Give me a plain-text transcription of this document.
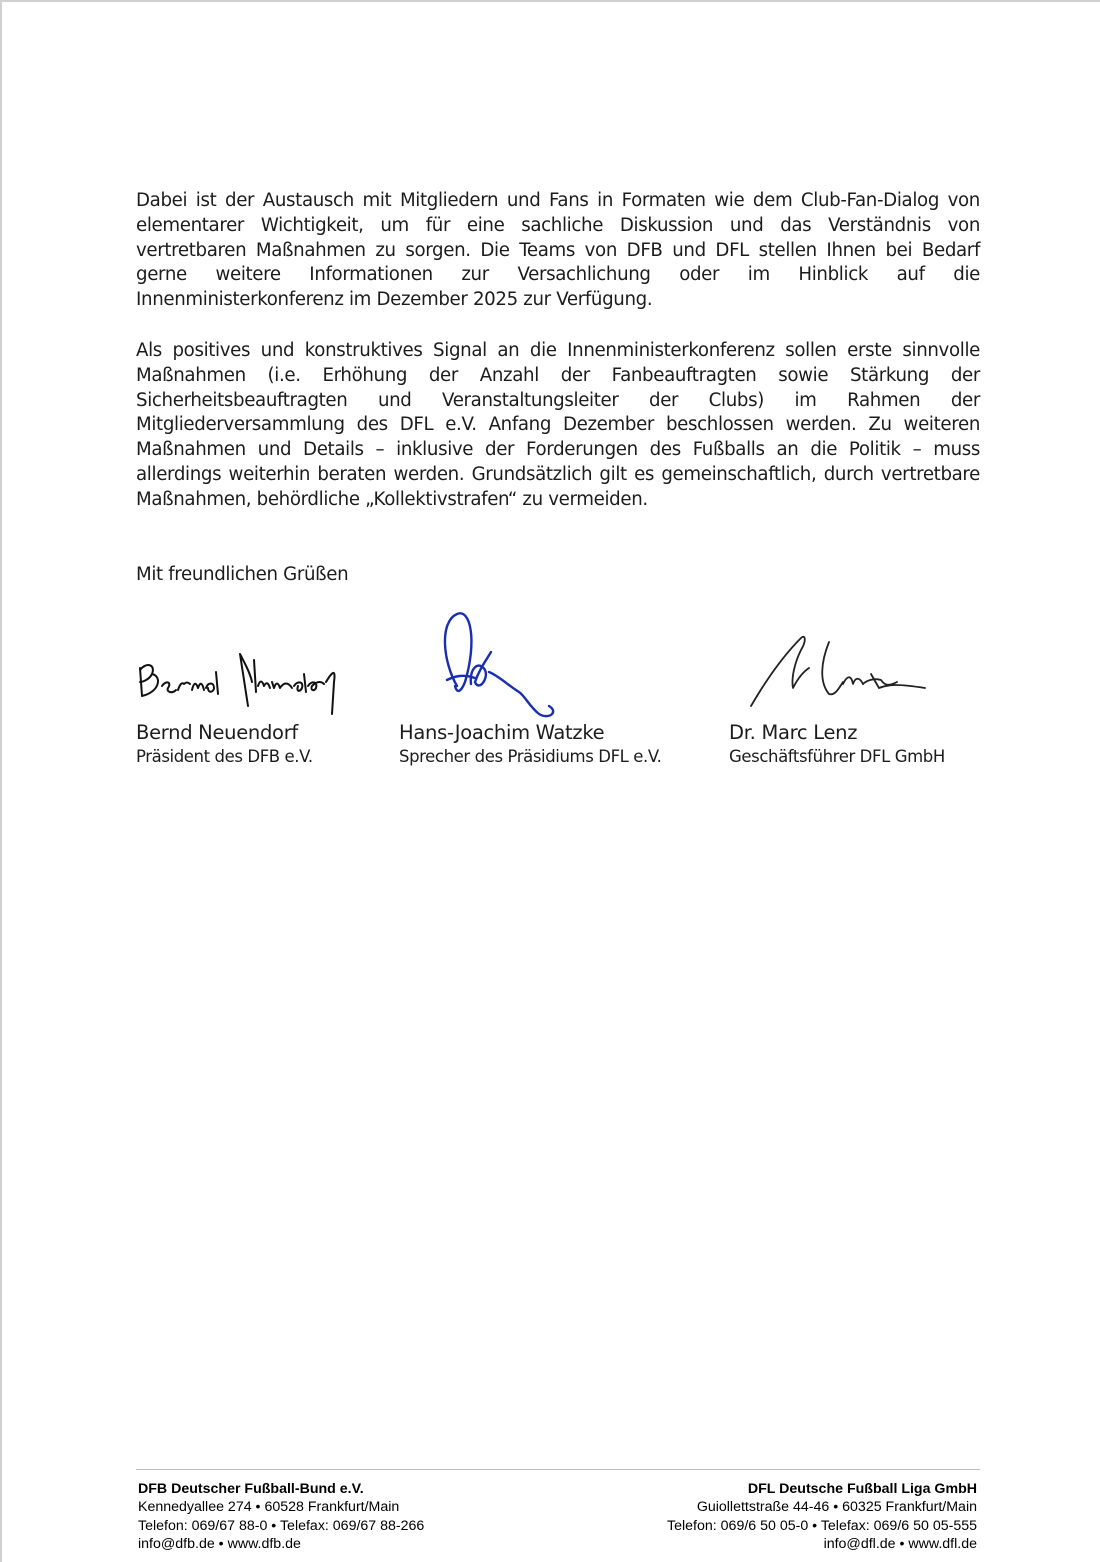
Dabei ist der Austausch mit Mitgliedern und Fans in Formaten wie dem Club-Fan-Dialog von elementarer Wichtigkeit, um für eine sachliche Diskussion und das Verständnis von vertretbaren Maßnahmen zu sorgen. Die Teams von DFB und DFL stellen Ihnen bei Bedarf gerne weitere Informationen zur Versachlichung oder im Hinblick auf die Innenministerkonferenz im Dezember 2025 zur Verfügung.

Als positives und konstruktives Signal an die Innenministerkonferenz sollen erste sinnvolle Maßnahmen (i.e. Erhöhung der Anzahl der Fanbeauftragten sowie Stärkung der Sicherheitsbeauftragten und Veranstaltungsleiter der Clubs) im Rahmen der Mitgliederversammlung des DFL e.V. Anfang Dezember beschlossen werden. Zu weiteren Maßnahmen und Details – inklusive der Forderungen des Fußballs an die Politik – muss allerdings weiterhin beraten werden. Grundsätzlich gilt es gemeinschaftlich, durch vertretbare Maßnahmen, behördliche „Kollektivstrafen“ zu vermeiden.

Mit freundlichen Grüßen

Bernd Neuendorf
Präsident des DFB e.V.
Hans-Joachim Watzke
Sprecher des Präsidiums DFL e.V.
Dr. Marc Lenz
Geschäftsführer DFL GmbH
DFB Deutscher Fußball-Bund e.V.
Kennedyallee 274 • 60528 Frankfurt/Main
Telefon: 069/67 88-0 • Telefax: 069/67 88-266
info@dfb.de • www.dfb.de
DFL Deutsche Fußball Liga GmbH
Guiollettstraße 44-46 • 60325 Frankfurt/Main
Telefon: 069/6 50 05-0 • Telefax: 069/6 50 05-555
info@dfl.de • www.dfl.de
